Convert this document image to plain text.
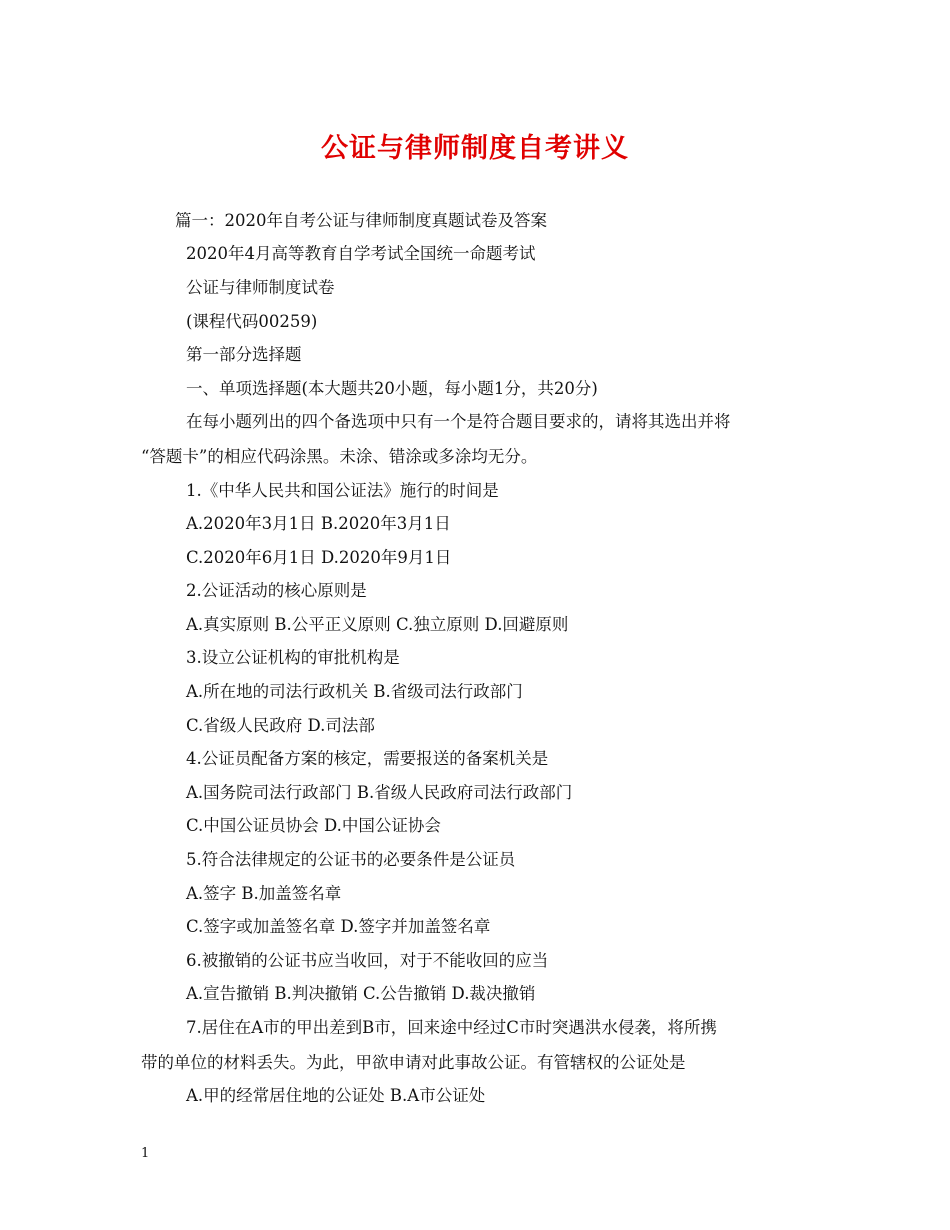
公证与律师制度自考讲义
篇一：2020年自考公证与律师制度真题试卷及答案
2020年4月高等教育自学考试全国统一命题考试
公证与律师制度试卷
(课程代码00259)
第一部分选择题
一、单项选择题(本大题共20小题，每小题1分，共20分)
在每小题列出的四个备选项中只有一个是符合题目要求的，请将其选出并将
“答题卡”的相应代码涂黑。未涂、错涂或多涂均无分。
1.《中华人民共和国公证法》施行的时间是
A.2020年3月1日 B.2020年3月1日
C.2020年6月1日 D.2020年9月1日
2.公证活动的核心原则是
A.真实原则 B.公平正义原则 C.独立原则 D.回避原则
3.设立公证机构的审批机构是
A.所在地的司法行政机关 B.省级司法行政部门
C.省级人民政府 D.司法部
4.公证员配备方案的核定，需要报送的备案机关是
A.国务院司法行政部门 B.省级人民政府司法行政部门
C.中国公证员协会 D.中国公证协会
5.符合法律规定的公证书的必要条件是公证员
A.签字 B.加盖签名章
C.签字或加盖签名章 D.签字并加盖签名章
6.被撤销的公证书应当收回，对于不能收回的应当
A.宣告撤销 B.判决撤销 C.公告撤销 D.裁决撤销
7.居住在A市的甲出差到B市，回来途中经过C市时突遇洪水侵袭，将所携
带的单位的材料丢失。为此，甲欲申请对此事故公证。有管辖权的公证处是
A.甲的经常居住地的公证处 B.A市公证处
1
